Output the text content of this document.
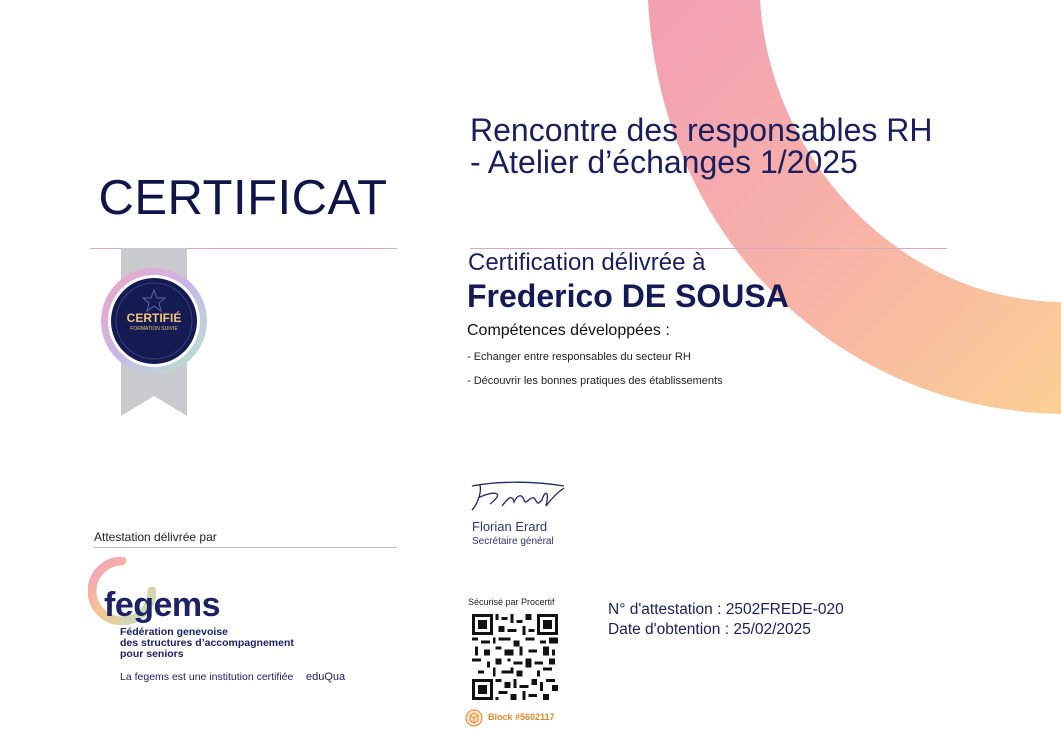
CERTIFICAT
CERTIFIÉ
FORMATION SUIVIE
Rencontre des responsables RH
- Atelier d’échanges 1/2025
Certification délivrée à
Frederico DE SOUSA
Compétences développées :
- Echanger entre responsables du secteur RH
- Découvrir les bonnes pratiques des établissements
Florian Erard
Secrétaire général
Attestation délivrée par
fegems
Fédération genevoise
des structures d’accompagnement
pour seniors
La fegems est une institution certifiée eduQua
Sécurisé par Procertif
Block #5602117
N° d'attestation : 2502FREDE-020
Date d'obtention : 25/02/2025
